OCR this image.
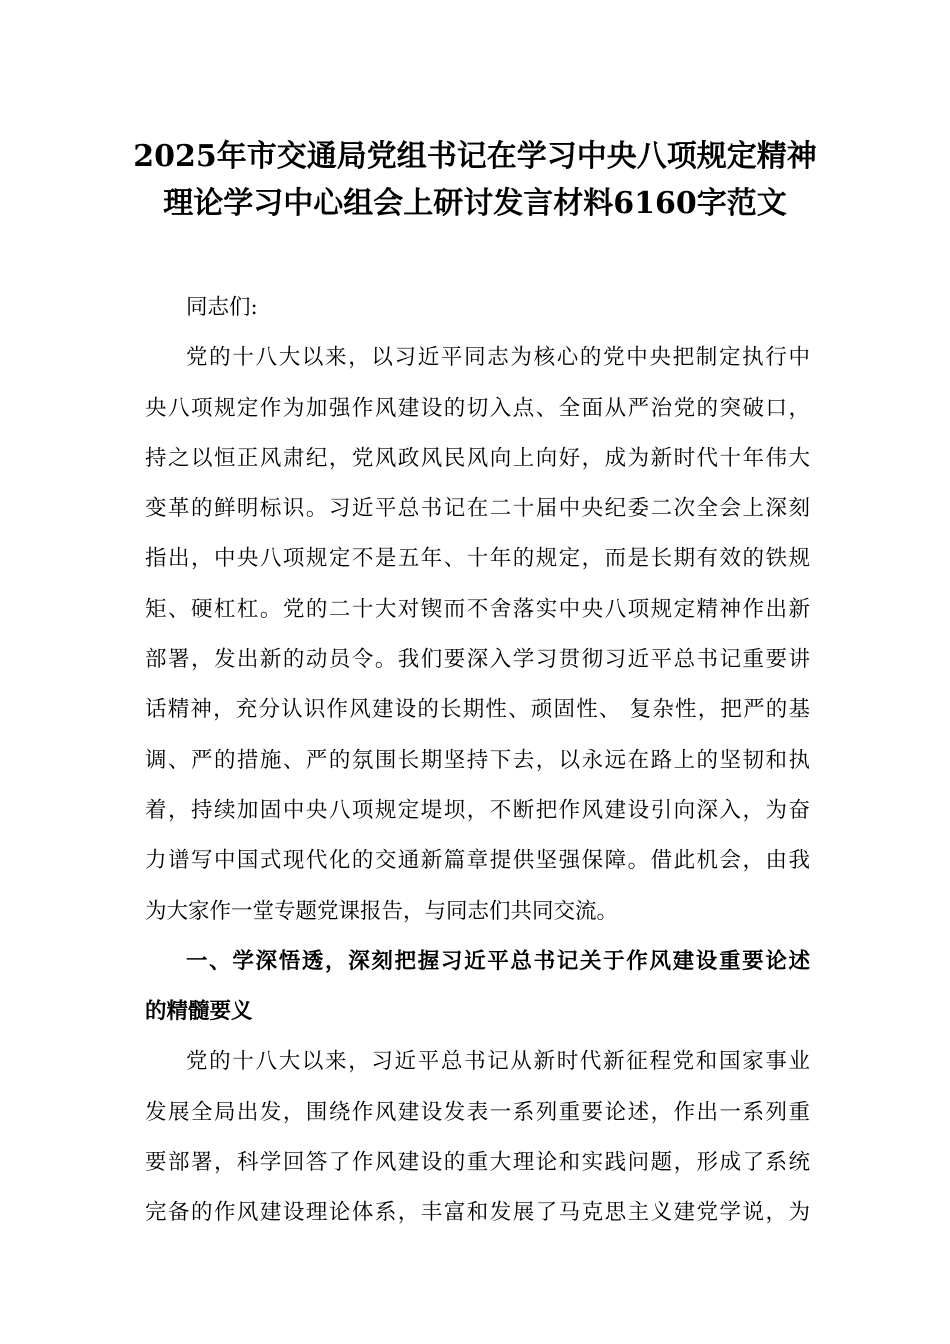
2025年市交通局党组书记在学习中央八项规定精神
理论学习中心组会上研讨发言材料6160字范文
同志们:
党的十八大以来，以习近平同志为核心的党中央把制定执行中
央八项规定作为加强作风建设的切入点、全面从严治党的突破口，
持之以恒正风肃纪，党风政风民风向上向好，成为新时代十年伟大
变革的鲜明标识。习近平总书记在二十届中央纪委二次全会上深刻
指出，中央八项规定不是五年、十年的规定，而是长期有效的铁规
矩、硬杠杠。党的二十大对锲而不舍落实中央八项规定精神作出新
部署，发出新的动员令。我们要深入学习贯彻习近平总书记重要讲
话精神，充分认识作风建设的长期性、顽固性、 复杂性，把严的基
调、严的措施、严的氛围长期坚持下去，以永远在路上的坚韧和执
着，持续加固中央八项规定堤坝，不断把作风建设引向深入，为奋
力谱写中国式现代化的交通新篇章提供坚强保障。借此机会，由我
为大家作一堂专题党课报告，与同志们共同交流。
一、学深悟透，深刻把握习近平总书记关于作风建设重要论述
的精髓要义
党的十八大以来，习近平总书记从新时代新征程党和国家事业
发展全局出发，围绕作风建设发表一系列重要论述，作出一系列重
要部署，科学回答了作风建设的重大理论和实践问题，形成了系统
完备的作风建设理论体系，丰富和发展了马克思主义建党学说，为
